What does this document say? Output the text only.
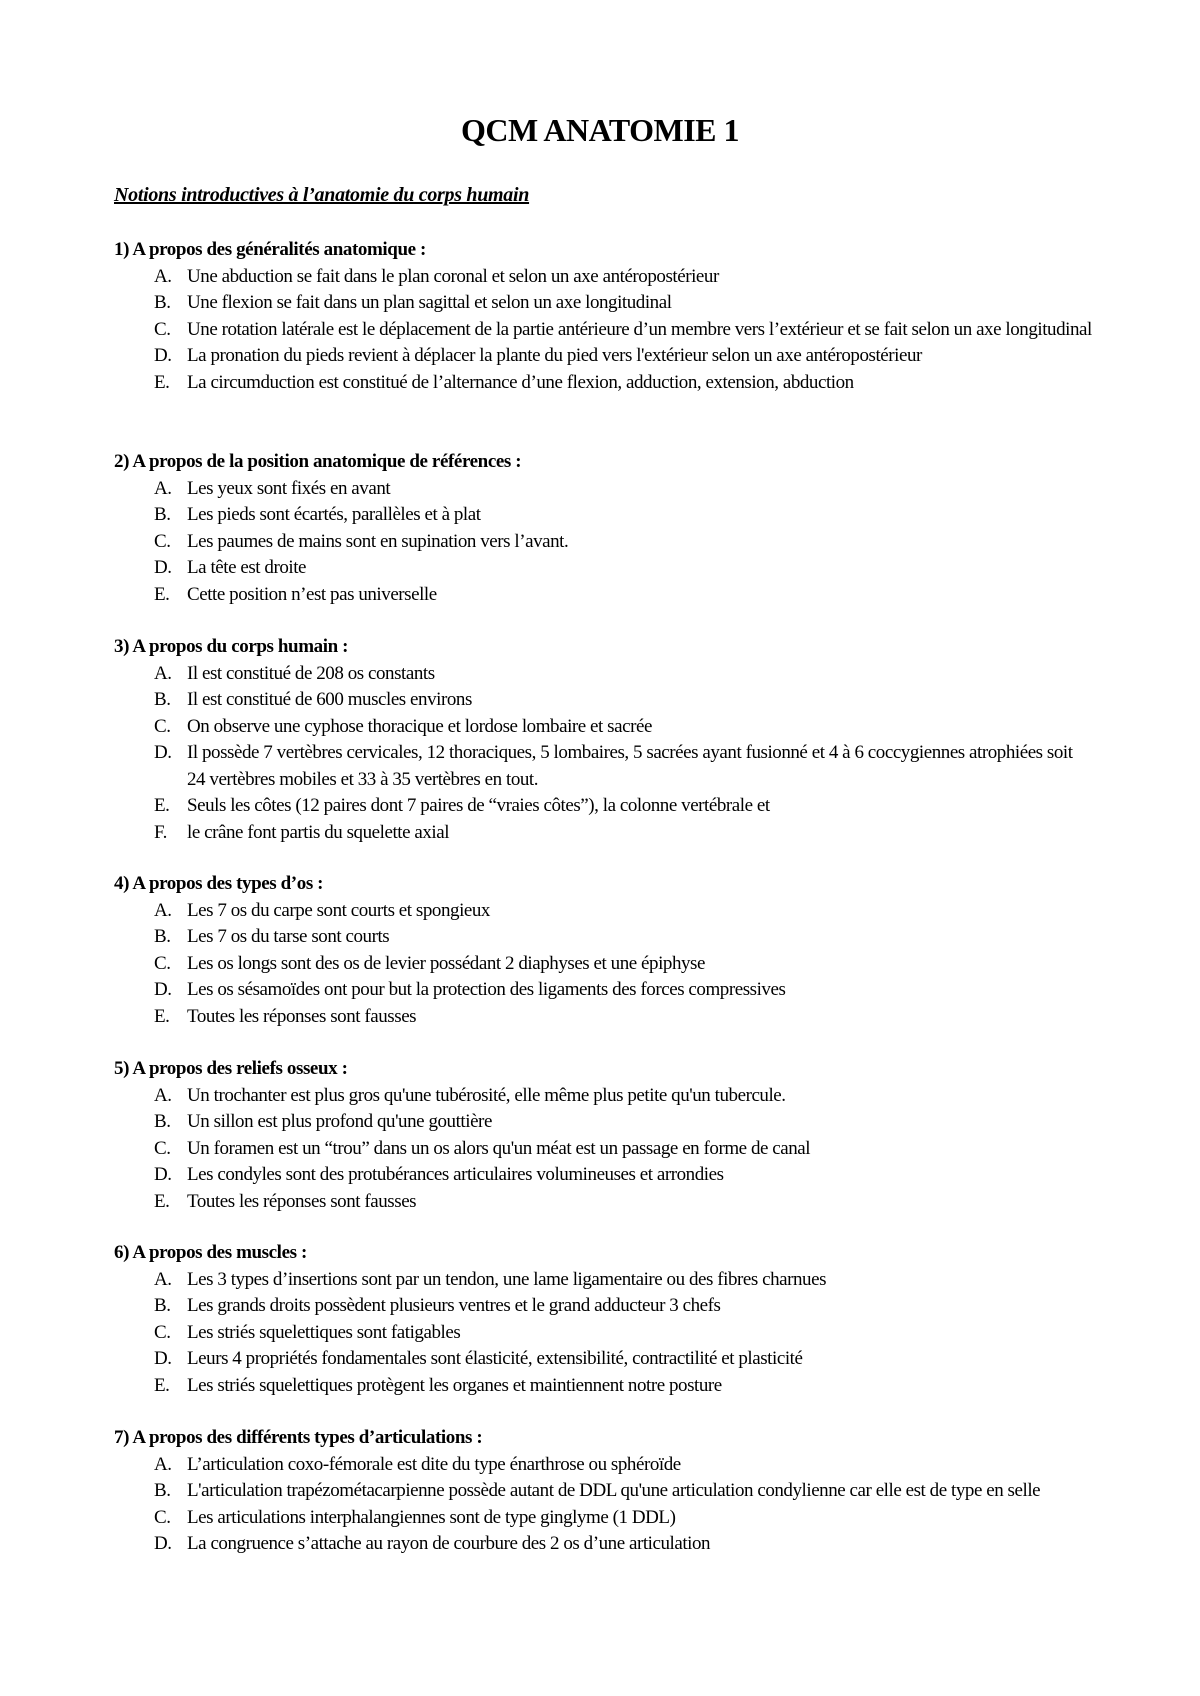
QCM ANATOMIE 1
Notions introductives à l’anatomie du corps humain

1) A propos des généralités anatomique :

A. Une abduction se fait dans le plan coronal et selon un axe antéropostérieur
B. Une flexion se fait dans un plan sagittal et selon un axe longitudinal
C. Une rotation latérale est le déplacement de la partie antérieure d’un membre vers l’extérieur et se fait selon un axe longitudinal
D. La pronation du pieds revient à déplacer la plante du pied vers l'extérieur selon un axe antéropostérieur
E. La circumduction est constitué de l’alternance d’une flexion, adduction, extension, abduction

2) A propos de la position anatomique de références :

A. Les yeux sont fixés en avant
B. Les pieds sont écartés, parallèles et à plat
C. Les paumes de mains sont en supination vers l’avant.
D. La tête est droite
E. Cette position n’est pas universelle

3) A propos du corps humain :

A. Il est constitué de 208 os constants
B. Il est constitué de 600 muscles environs
C. On observe une cyphose thoracique et lordose lombaire et sacrée
D. Il possède 7 vertèbres cervicales, 12 thoraciques, 5 lombaires, 5 sacrées ayant fusionné et 4 à 6 coccygiennes atrophiées soit 24 vertèbres mobiles et 33 à 35 vertèbres en tout.
E. Seuls les côtes (12 paires dont 7 paires de “vraies côtes”), la colonne vertébrale et
F. le crâne font partis du squelette axial

4) A propos des types d’os :

A. Les 7 os du carpe sont courts et spongieux
B. Les 7 os du tarse sont courts
C. Les os longs sont des os de levier possédant 2 diaphyses et une épiphyse
D. Les os sésamoïdes ont pour but la protection des ligaments des forces compressives
E. Toutes les réponses sont fausses

5) A propos des reliefs osseux :

A. Un trochanter est plus gros qu'une tubérosité, elle même plus petite qu'un tubercule.
B. Un sillon est plus profond qu'une gouttière
C. Un foramen est un “trou” dans un os alors qu'un méat est un passage en forme de canal
D. Les condyles sont des protubérances articulaires volumineuses et arrondies
E. Toutes les réponses sont fausses

6) A propos des muscles :

A. Les 3 types d’insertions sont par un tendon, une lame ligamentaire ou des fibres charnues
B. Les grands droits possèdent plusieurs ventres et le grand adducteur 3 chefs
C. Les striés squelettiques sont fatigables
D. Leurs 4 propriétés fondamentales sont élasticité, extensibilité, contractilité et plasticité
E. Les striés squelettiques protègent les organes et maintiennent notre posture

7) A propos des différents types d’articulations :

A. L’articulation coxo-fémorale est dite du type énarthrose ou sphéroïde
B. L'articulation trapézométacarpienne possède autant de DDL qu'une articulation condylienne car elle est de type en selle
C. Les articulations interphalangiennes sont de type ginglyme (1 DDL)
D. La congruence s’attache au rayon de courbure des 2 os d’une articulation
